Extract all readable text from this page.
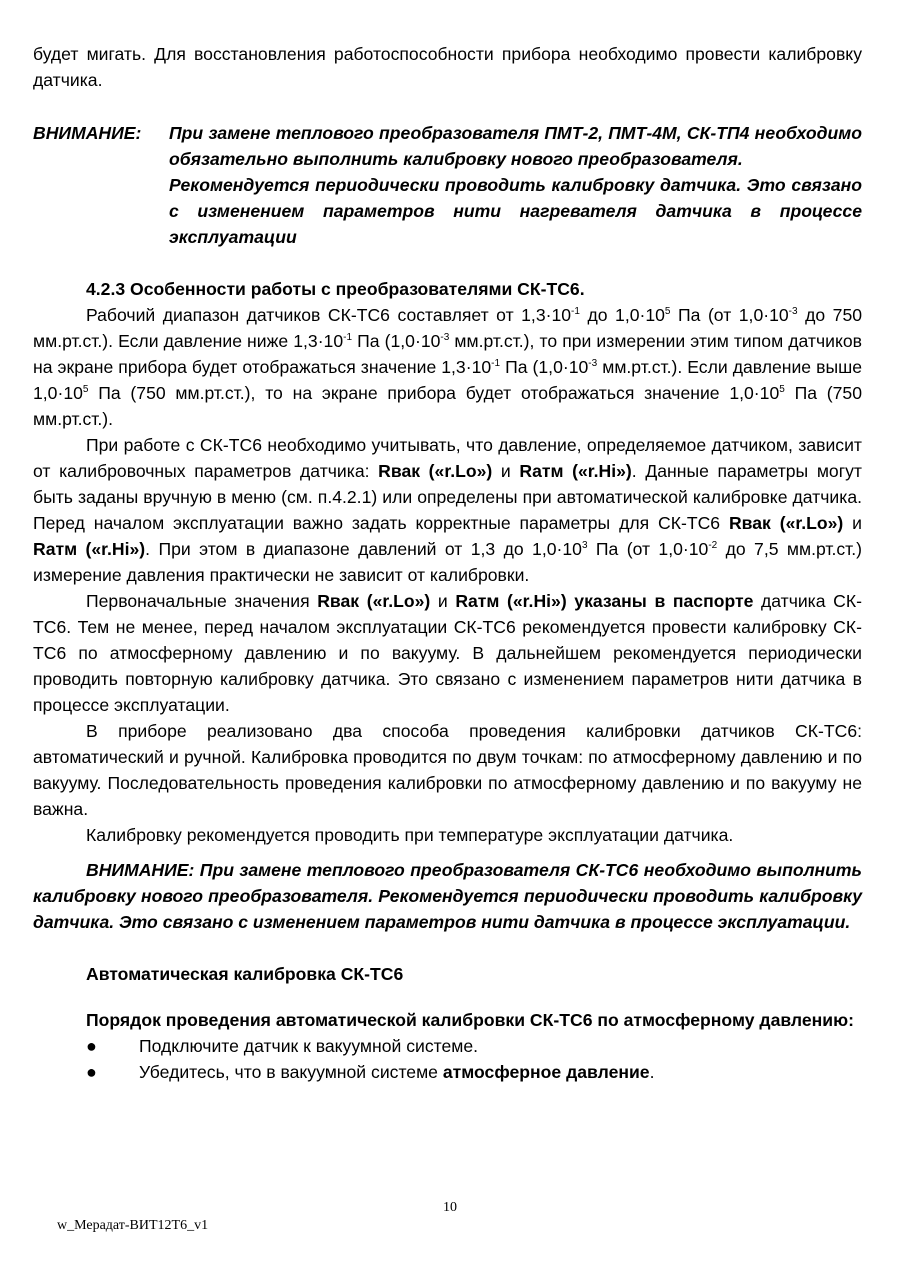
будет мигать. Для восстановления работоспособности прибора необходимо провести калибровку датчика.

ВНИМАНИЕ:	При замене теплового преобразователя ПМТ-2, ПМТ-4М, СК-ТП4 необходимо обязательно выполнить калибровку нового преобразователя.

Рекомендуется периодически проводить калибровку датчика. Это связано с изменением параметров нити нагревателя датчика в процессе эксплуатации

4.2.3 Особенности работы с преобразователями СК-ТС6.

Рабочий диапазон датчиков СК-ТС6 составляет от $1,3\cdot 10^{-1}$ до $1,0\cdot 10^5$ Па (от $1,0\cdot 10^{-3}$ до 750 мм.рт.ст.). Если давление ниже $1,3\cdot 10^{-1}$ Па ($1,0\cdot 10^{-3}$ мм.рт.ст.), то при измерении этим типом датчиков на экране прибора будет отображаться значение $1,3\cdot 10^{-1}$ Па ($1,0\cdot 10^{-3}$ мм.рт.ст.). Если давление выше $1,0\cdot 10^5$ Па (750 мм.рт.ст.), то на экране прибора будет отображаться значение $1,0\cdot 10^5$ Па (750 мм.рт.ст.).

При работе с СК-ТС6 необходимо учитывать, что давление, определяемое датчиком, зависит от калибровочных параметров датчика: Rвак («r.Lo») и Rатм («r.Hi»). Данные параметры могут быть заданы вручную в меню (см. п.4.2.1) или определены при автоматической калибровке датчика. Перед началом эксплуатации важно задать корректные параметры для СК-ТС6 Rвак («r.Lo») и Rатм («r.Hi»). При этом в диапазоне давлений от 1,3 до $1,0\cdot 10^3$ Па (от $1,0\cdot 10^{-2}$ до 7,5 мм.рт.ст.) измерение давления практически не зависит от калибровки.

Первоначальные значения Rвак («r.Lo») и Rатм («r.Hi») указаны в паспорте датчика СК-ТС6. Тем не менее, перед началом эксплуатации СК-ТС6 рекомендуется провести калибровку СК-ТС6 по атмосферному давлению и по вакууму. В дальнейшем рекомендуется периодически проводить повторную калибровку датчика. Это связано с изменением параметров нити датчика в процессе эксплуатации.

В приборе реализовано два способа проведения калибровки датчиков СК-ТС6: автоматический и ручной. Калибровка проводится по двум точкам: по атмосферному давлению и по вакууму. Последовательность проведения калибровки по атмосферному давлению и по вакууму не важна.

Калибровку рекомендуется проводить при температуре эксплуатации датчика.

ВНИМАНИЕ: При замене теплового преобразователя СК-ТС6 необходимо выполнить калибровку нового преобразователя. Рекомендуется периодически проводить калибровку датчика. Это связано с изменением параметров нити датчика в процессе эксплуатации.

Автоматическая калибровка СК-ТС6

Порядок проведения автоматической калибровки СК-ТС6 по атмосферному давлению:

● Подключите датчик к вакуумной системе.
● Убедитесь, что в вакуумной системе атмосферное давление.
10
w_Мерадат-ВИТ12Т6_v1
